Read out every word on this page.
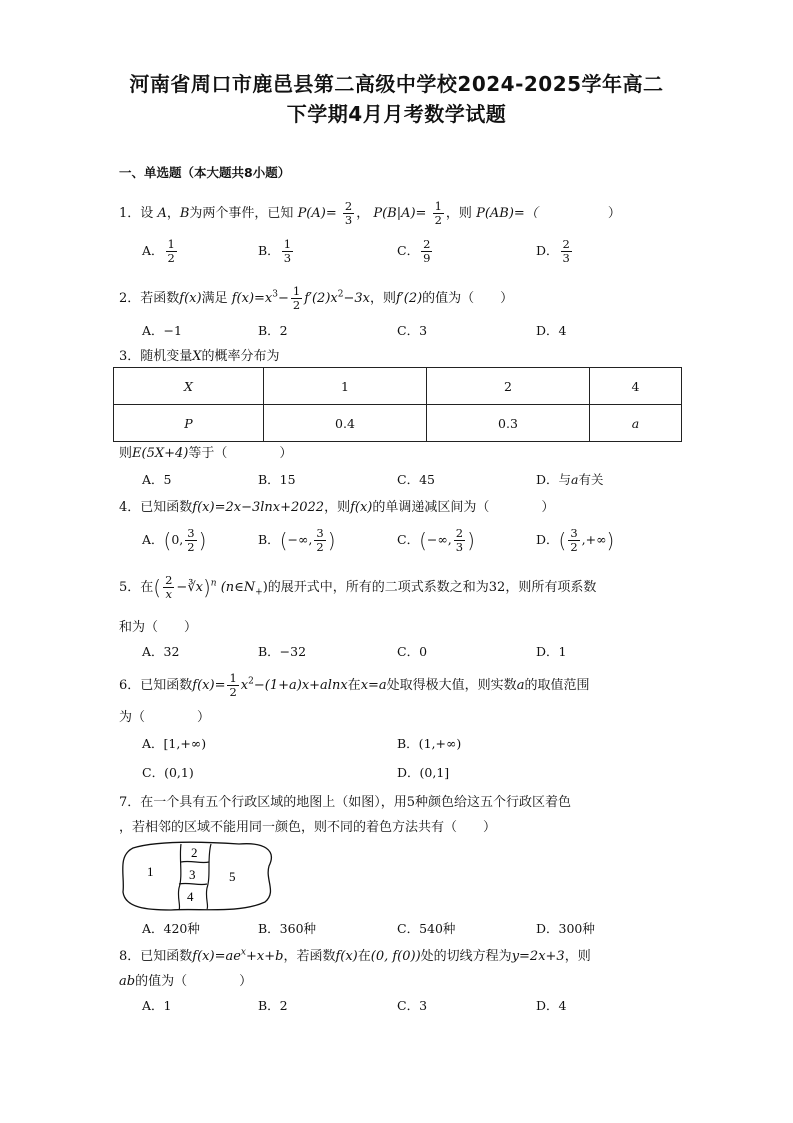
河南省周口市鹿邑县第二高级中学校2024-2025学年高二
下学期4月月考数学试题
一、单选题（本大题共8小题）
1．设 A，B为两个事件，已知 $P(A)= \frac{2}{3}$ ， $P(B|A)= \frac{1}{2}$ ，则 P(AB)=（	）
A． $\frac{1}{2}$	B． $\frac{1}{3}$	C． $\frac{2}{9}$	D． $\frac{2}{3}$
2．若函数f(x)满足 $f(x)=x^3- \frac{1}{2} f'(2)x^2-3x$，则f′(2)的值为（　　）
A．−1	B．2	C．3	D．4
3．随机变量X的概率分布为
X	1	2	4
P	0.4	0.3	a
则E(5X+4)等于（　　　　）
A．5	B．15	C．45	D．与a有关
4．已知函数f(x)=2x−3lnx+2022，则f(x)的单调递减区间为（　　　　）
A．(0, $\frac{3}{2}$ )	B．(−∞, $\frac{3}{2}$ )	C．(−∞, $\frac{2}{3}$ )	D．( $\frac{3}{2}$ ,+∞)
5．在( $\frac{2}{x}$ −∛x)$^n$ $(n\in N_+)$的展开式中，所有的二项式系数之和为32，则所有项系数
和为（　　）
A．32	B．−32	C．0	D．1
6．已知函数$f(x)= \frac{1}{2} x^2-(1+a)x+alnx$在x=a处取得极大值，则实数a的取值范围
为（　　　　）
A．[1,+∞)	B．(1,+∞)
C．(0,1)	D．(0,1]
7．在一个具有五个行政区域的地图上（如图），用5种颜色给这五个行政区着色
，若相邻的区域不能用同一颜色，则不同的着色方法共有（　　）
1
2
3
4
5
A．420种	B．360种	C．540种	D．300种
8．已知函数$f(x)=ae^x+x+b$，若函数f(x)在(0, f(0))处的切线方程为y=2x+3，则
ab的值为（　　　　）
A．1	B．2	C．3	D．4
